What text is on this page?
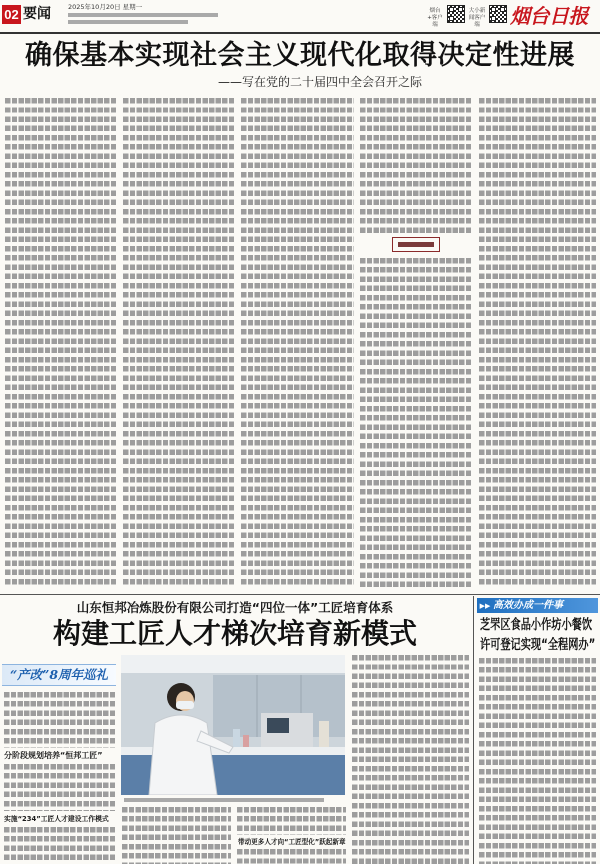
02 要闻	2025年10月20日 星期一	烟台+客户端
大小新闻客户端	烟台日报
确保基本实现社会主义现代化取得决定性进展
——写在党的二十届四中全会召开之际
山东恒邦冶炼股份有限公司打造“四位一体”工匠培育体系
构建工匠人才梯次培育新模式
“产改”8周年巡礼
分阶段规划培养“恒邦工匠”
实施“234”工匠人才建设工作模式
带动更多人才向“工匠型化”跃起新章
▶▶ 高效办成一件事
芝罘区食品小作坊小餐饮
许可登记实现“全程网办”
